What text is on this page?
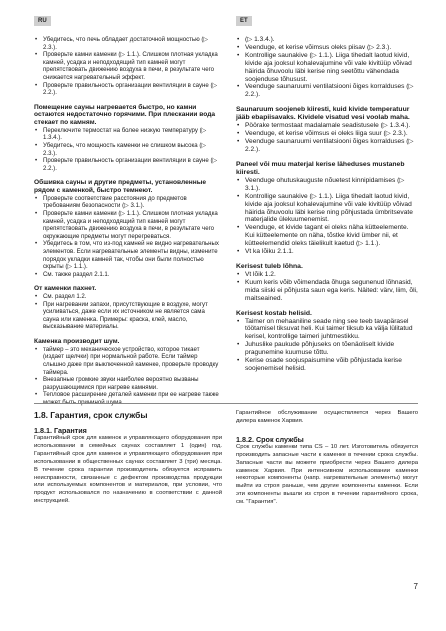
RU	ET
• Убедитесь, что печь обладает достаточной мощностью (▷ 2.3.).
• Проверьте камни каменки (▷ 1.1.). Слишком плотная укладка камней, усадка и неподходящий тип камней могут препятствовать движению воздуха в печи, в результате чего снижается нагревательный эффект.
• Проверьте правильность организации вентиляции в сауне (▷ 2.2.).
Помещение сауны нагревается быстро, но камни остаются недостаточно горячими. При плескании вода стекает по камням.
• Переключите термостат на более низкую температуру (▷ 1.3.4.).
• Убедитесь, что мощность каменки не слишком высока (▷ 2.3.).
• Проверьте правильность организации вентиляции в сауне (▷ 2.2.).
Обшивка сауны и другие предметы, установленные рядом с каменкой, быстро темнеют.
• Проверьте соответствие расстояния до предметов требованиям безопасности (▷ 3.1.).
• Проверьте камни каменки (▷ 1.1.). Слишком плотная укладка камней, усадка и неподходящий тип камней могут препятствовать движению воздуха в печи, в результате чего окружающие предметы могут перегреваться.
• Убедитесь в том, что из-под камней не видно нагревательных элементов. Если нагревательные элементы видны, измените порядок укладки камней так, чтобы они были полностью скрыты (▷ 1.1.).
• См. также раздел 2.1.1.
От каменки пахнет.
• См. раздел 1.2.
• При нагревании запахи, присутствующие в воздухе, могут усиливаться, даже если их источником не является сама сауна или каменка. Примеры: краска, клей, масло, высказывание материалы.
Каменка производит шум.
• таймер – это механическое устройство, которое тикает (издает щелчки) при нормальной работе. Если таймер слышно даже при выключенной каменке, проверьте проводку таймера.
• Внезапные громкие звуки наиболее вероятно вызваны разрушающимися при нагреве камнями.
• Тепловое расширение деталей каменки при ее нагреве также может быть причиной шума.
• (▷ 1.3.4.).
• Veenduge, et kerise võimsus oleks piisav (▷ 2.3.).
• Kontrollige saunakive (▷ 1.1.). Liiga tihedalt laotud kivid, kivide aja jooksul kohalevajumine või vale kivitüüp võivad häirida õhuvoolu läbi kerise ning seetõttu vähendada soojenduse tõhusust.
• Veenduge saunaruumi ventilatsiooni õiges korralduses (▷ 2.2.).
Saunaruum soojeneb kiiresti, kuid kivide temperatuur jääb ebapiisavaks. Kividele visatud vesi voolab maha.
• Pöörake termostaat madalamale seadistusele (▷ 1.3.4.).
• Veenduge, et kerise võimsus ei oleks liiga suur (▷ 2.3.).
• Veenduge saunaruumi ventilatsiooni õiges korralduses (▷ 2.2.).
Paneel või muu materjal kerise läheduses mustaneb kiiresti.
• Veenduge ohutuskauguste nõuetest kinnipidamises (▷ 3.1.).
• Kontrollige saunakive (▷ 1.1.). Liiga tihedalt laotud kivid, kivide aja jooksul kohalevajumine või vale kivitüüp võivad häirida õhuvoolu läbi kerise ning põhjustada ümbritsevate materjalide ülekuumenemist.
• Veenduge, et kivide tagant ei oleks näha kütteelemente. Kui kütteelemente on näha, tõstke kivid ümber nii, et kütteelemendid oleks täielikult kaetud (▷ 1.1.).
• Vt ka lõiku 2.1.1.
Kerisest tuleb lõhna.
• Vt lõik 1.2.
• Kuum keris võib võimendada õhuga segunenud lõhnasid, mida siiski ei põhjusta saun ega keris. Näited: värv, liim, õli, maitseained.
Kerisest kostab helisid.
• Taimer on mehaaniline seade ning see teeb tavapärasel töötamisel tiksuvat heli. Kui taimer tiksub ka välja lülitatud kerisel, kontrollige taimeri juhtmestikku.
• Juhuslike paukude põhjuseks on tõenäoliselt kivide pragunemine kuumuse tõttu.
• Kerise osade soojuspaisumine võib põhjustada kerise soojenemisel helisid.
1.8. Гарантия, срок службы
1.8.1. Гарантия

Гарантийный срок для каменок и управляющего оборудования при использовании в семейных саунах составляет 1 (один) год. Гарантийный срок для каменок и управляющего оборудования при использовании в общественных саунах составляет 3 (три) месяца. В течение срока гарантии производитель обязуется исправить неисправности, связанные с дефектом производства продукции или используемых компонентов и материалов, при условии, что продукт использовался по назначению в соответствии с данной инструкцией.

Гарантийное обслуживание осуществляется через Вашего дилера каменок Харвия.

1.8.2. Срок службы

Срок службы каменки типа CS – 10 лет. Изготовитель обязуется производить запасные части к каменке в течении срока службы. Запасные части вы можете приобрести через Вашего дилера каменок Харвия. При интенсивном использовании каменки некоторые компоненты (напр. нагревательные элементы) могут выйти из строя раньше, чем другие компоненты каменки. Если эти компоненты вышли из строя в течении гарантийного срока, см. "Гарантия".

7
